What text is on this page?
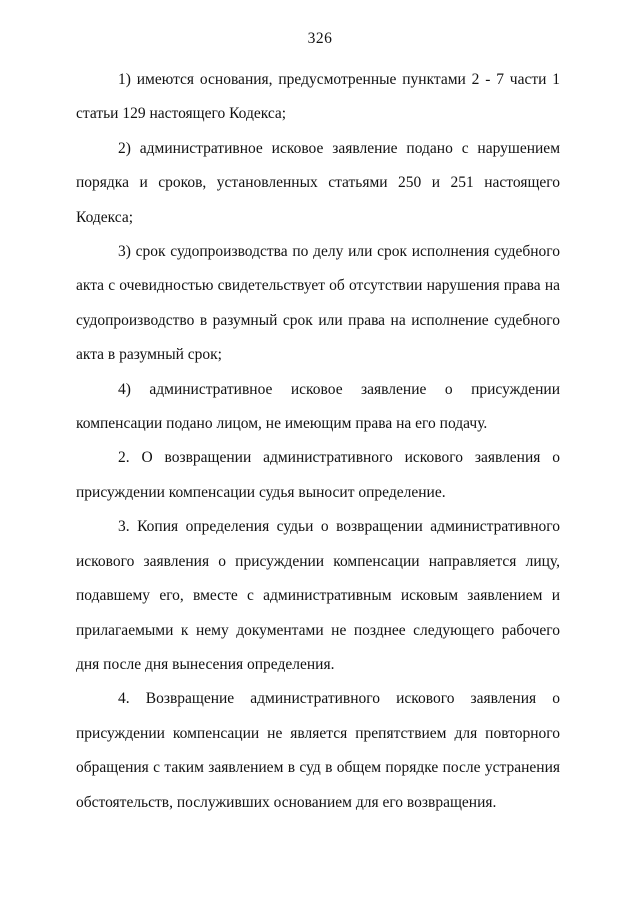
326

1) имеются основания, предусмотренные пунктами 2 - 7 части 1 статьи 129 настоящего Кодекса;

2) административное исковое заявление подано с нарушением порядка и сроков, установленных статьями 250 и 251 настоящего Кодекса;

3) срок судопроизводства по делу или срок исполнения судебного акта с очевидностью свидетельствует об отсутствии нарушения права на судопроизводство в разумный срок или права на исполнение судебного акта в разумный срок;

4) административное исковое заявление о присуждении компенсации подано лицом, не имеющим права на его подачу.

2. О возвращении административного искового заявления о присуждении компенсации судья выносит определение.

3. Копия определения судьи о возвращении административного искового заявления о присуждении компенсации направляется лицу, подавшему его, вместе с административным исковым заявлением и прилагаемыми к нему документами не позднее следующего рабочего дня после дня вынесения определения.

4. Возвращение административного искового заявления о присуждении компенсации не является препятствием для повторного обращения с таким заявлением в суд в общем порядке после устранения обстоятельств, послуживших основанием для его возвращения.
